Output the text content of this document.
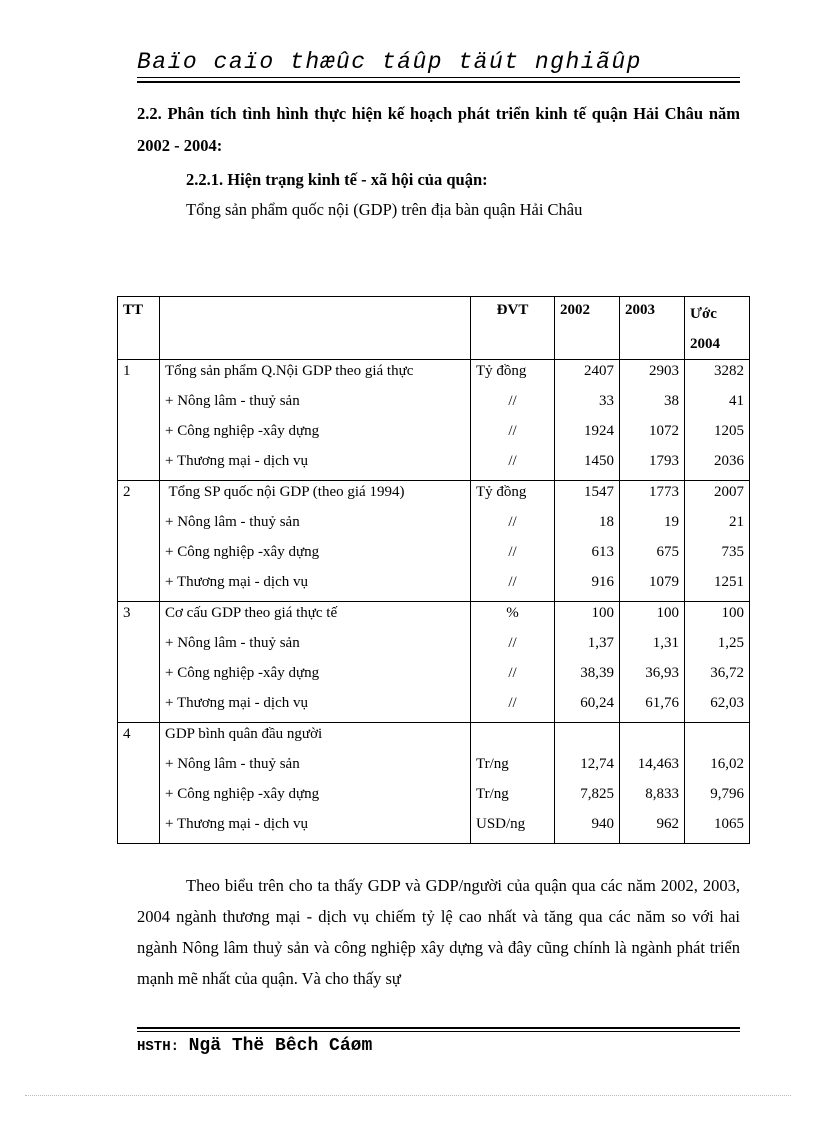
Baïo caïo thæûc táûp täút nghiãûp
2.2. Phân tích tình hình thực hiện kế hoạch phát triển kinh tế quận Hải Châu năm 2002 - 2004:
2.2.1. Hiện trạng kinh tế - xã hội của quận:
Tổng sản phẩm quốc nội (GDP) trên địa bàn quận Hải Châu
TT		ĐVT	2002	2003	Ước 2004
1	Tổng sản phẩm Q.Nội GDP theo giá thực	Tỷ đồng	2407	2903	3282
	+ Nông lâm - thuỷ sản	//	33	38	41
	+ Công nghiệp -xây dựng	//	1924	1072	1205
	+ Thương mại - dịch vụ	//	1450	1793	2036
2	Tổng SP quốc nội GDP (theo giá 1994)	Tỷ đồng	1547	1773	2007
	+ Nông lâm - thuỷ sản	//	18	19	21
	+ Công nghiệp -xây dựng	//	613	675	735
	+ Thương mại - dịch vụ	//	916	1079	1251
3	Cơ cấu GDP theo giá thực tế	%	100	100	100
	+ Nông lâm - thuỷ sản	//	1,37	1,31	1,25
	+ Công nghiệp -xây dựng	//	38,39	36,93	36,72
	+ Thương mại - dịch vụ	//	60,24	61,76	62,03
4	GDP bình quân đầu người				
	+ Nông lâm - thuỷ sản	Tr/ng	12,74	14,463	16,02
	+ Công nghiệp -xây dựng	Tr/ng	7,825	8,833	9,796
	+ Thương mại - dịch vụ	USD/ng	940	962	1065
Theo biểu trên cho ta thấy GDP và GDP/người của quận qua các năm 2002, 2003, 2004 ngành thương mại - dịch vụ chiếm tỷ lệ cao nhất và tăng qua các năm so với hai ngành Nông lâm thuỷ sản và công nghiệp xây dựng và đây cũng chính là ngành phát triển mạnh mẽ nhất của quận. Và cho thấy sự
HSTH: Ngä Thë Bêch Cáøm
